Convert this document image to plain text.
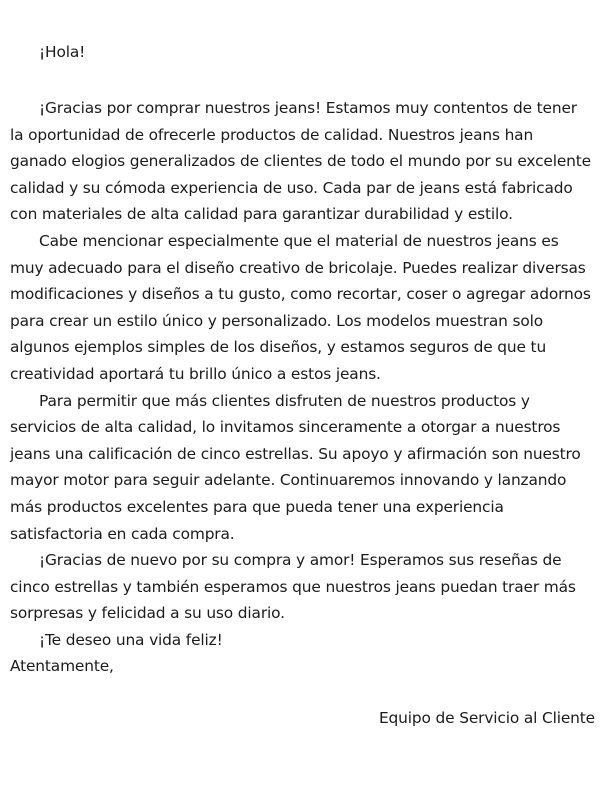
¡Hola!

¡Gracias por comprar nuestros jeans! Estamos muy contentos de tener la oportunidad de ofrecerle productos de calidad. Nuestros jeans han ganado elogios generalizados de clientes de todo el mundo por su excelente calidad y su cómoda experiencia de uso. Cada par de jeans está fabricado con materiales de alta calidad para garantizar durabilidad y estilo.

Cabe mencionar especialmente que el material de nuestros jeans es muy adecuado para el diseño creativo de bricolaje. Puedes realizar diversas modificaciones y diseños a tu gusto, como recortar, coser o agregar adornos para crear un estilo único y personalizado. Los modelos muestran solo algunos ejemplos simples de los diseños, y estamos seguros de que tu creatividad aportará tu brillo único a estos jeans.

Para permitir que más clientes disfruten de nuestros productos y servicios de alta calidad, lo invitamos sinceramente a otorgar a nuestros jeans una calificación de cinco estrellas. Su apoyo y afirmación son nuestro mayor motor para seguir adelante. Continuaremos innovando y lanzando más productos excelentes para que pueda tener una experiencia satisfactoria en cada compra.

¡Gracias de nuevo por su compra y amor! Esperamos sus reseñas de cinco estrellas y también esperamos que nuestros jeans puedan traer más sorpresas y felicidad a su uso diario.

¡Te deseo una vida feliz!

Atentamente,

Equipo de Servicio al Cliente
